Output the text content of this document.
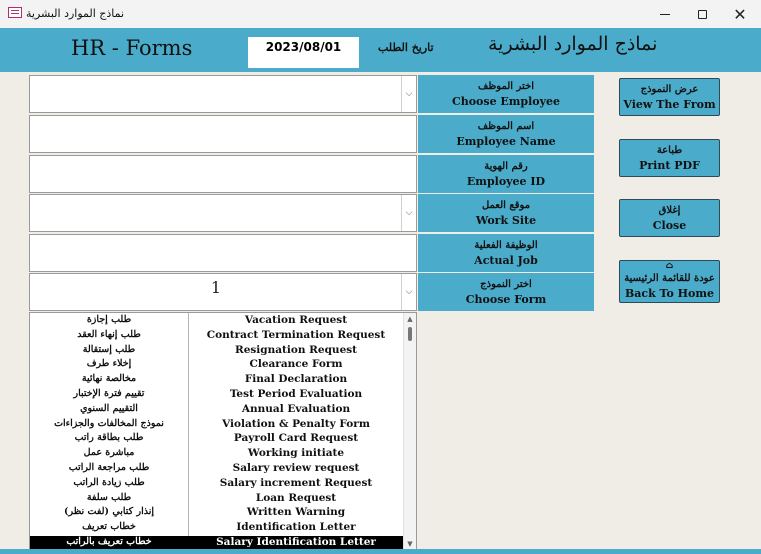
نماذج الموارد البشرية	✕
HR - Forms	2023/08/01	تاريخ الطلب	نماذج الموارد البشرية
⌵
اختر الموظف
Choose Employee
اسم الموظف
Employee Name
رقم الهوية
Employee ID
⌵
موقع العمل
Work Site
الوظيفة الفعلية
Actual Job
1	⌵
اختر النموذج
Choose Form
عرض النموذج
View The From
طباعة
Print PDF
إغلاق
Close
⌂
عودة للقائمة الرئيسية
Back To Home
طلب إجازة	Vacation Request
طلب إنهاء العقد	Contract Termination Request
طلب إستقالة	Resignation Request
إخلاء طرف	Clearance Form
مخالصة نهائية	Final Declaration
تقييم فترة الإختبار	Test Period Evaluation
التقييم السنوي	Annual Evaluation
نموذج المخالفات والجزاءات	Violation & Penalty Form
طلب بطاقة راتب	Payroll Card Request
مباشرة عمل	Working initiate
طلب مراجعة الراتب	Salary review request
طلب زيادة الراتب	Salary increment Request
طلب سلفة	Loan Request
إنذار كتابي (لفت نظر)	Written Warning
خطاب تعريف	Identification Letter
خطاب تعريف بالراتب	Salary Identification Letter
▲
▼
